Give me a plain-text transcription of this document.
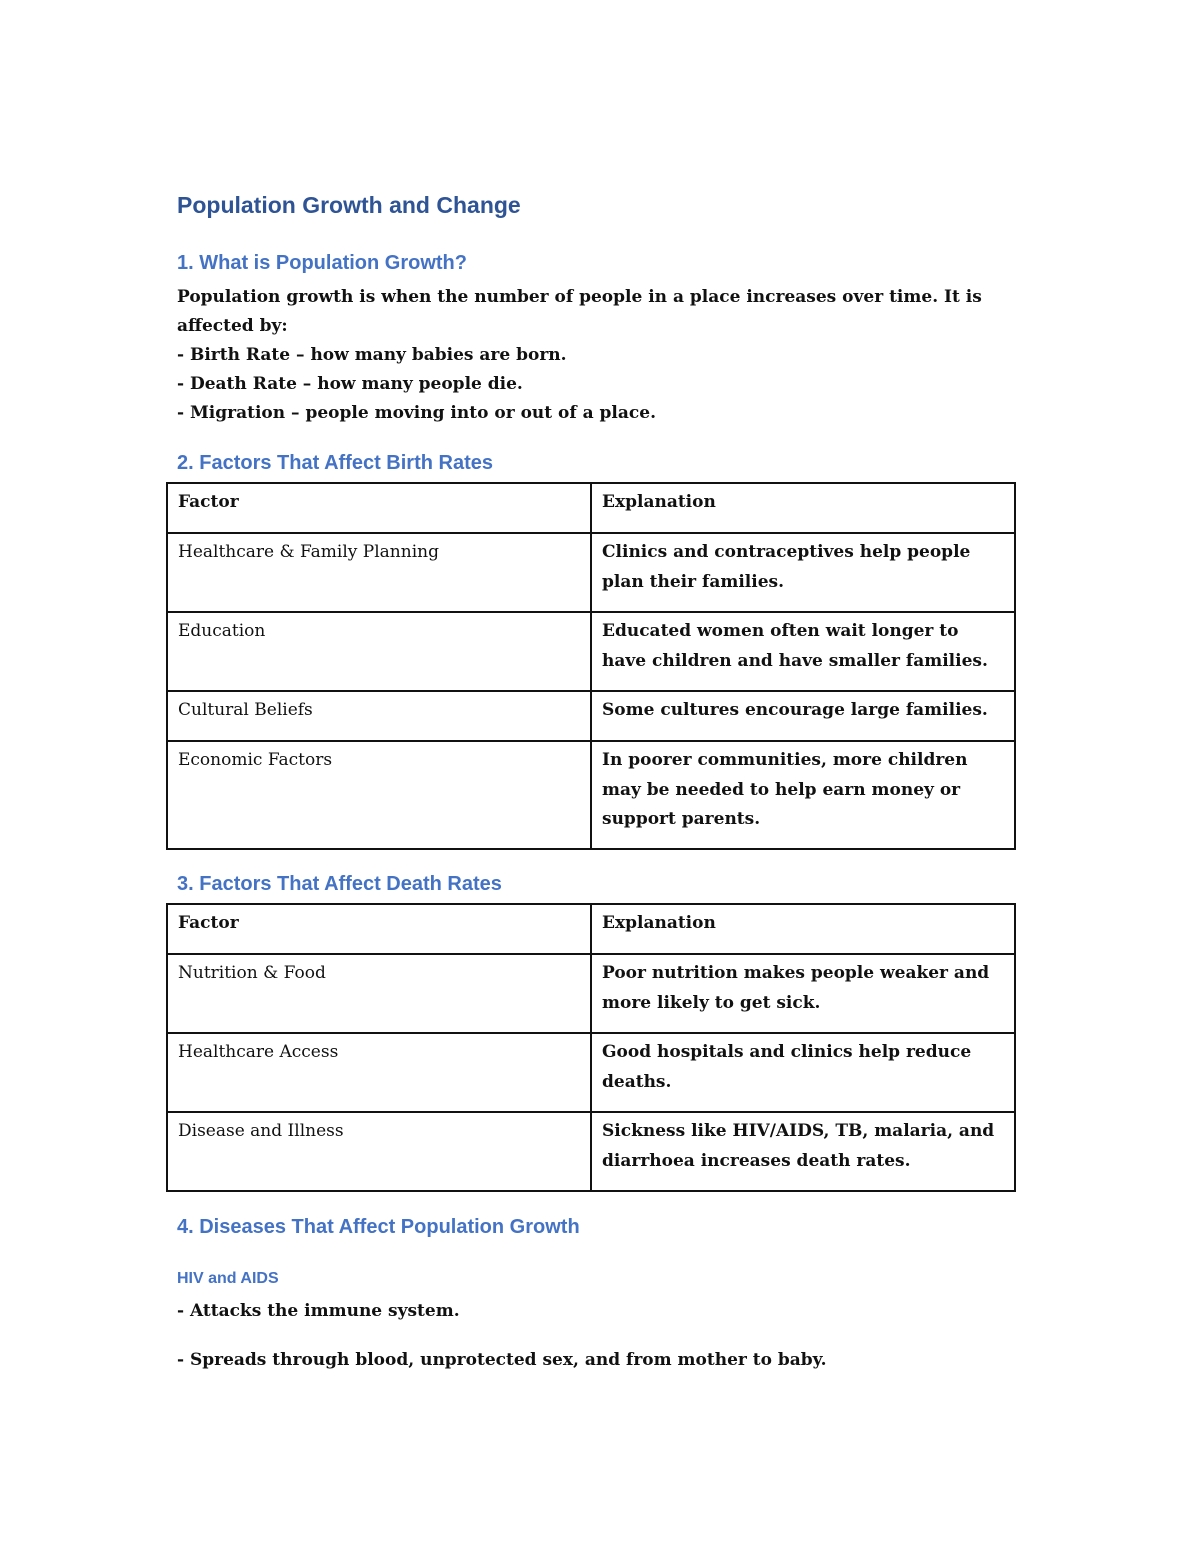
Population Growth and Change
1. What is Population Growth?
Population growth is when the number of people in a place increases over time. It is
affected by:
- Birth Rate – how many babies are born.
- Death Rate – how many people die.
- Migration – people moving into or out of a place.
2. Factors That Affect Birth Rates
Factor	Explanation
Healthcare & Family Planning	Clinics and contraceptives help people plan their families.
Education	Educated women often wait longer to have children and have smaller families.
Cultural Beliefs	Some cultures encourage large families.
Economic Factors	In poorer communities, more children may be needed to help earn money or support parents.
3. Factors That Affect Death Rates
Factor	Explanation
Nutrition & Food	Poor nutrition makes people weaker and more likely to get sick.
Healthcare Access	Good hospitals and clinics help reduce deaths.
Disease and Illness	Sickness like HIV/AIDS, TB, malaria, and diarrhoea increases death rates.
4. Diseases That Affect Population Growth
HIV and AIDS
- Attacks the immune system.
- Spreads through blood, unprotected sex, and from mother to baby.
